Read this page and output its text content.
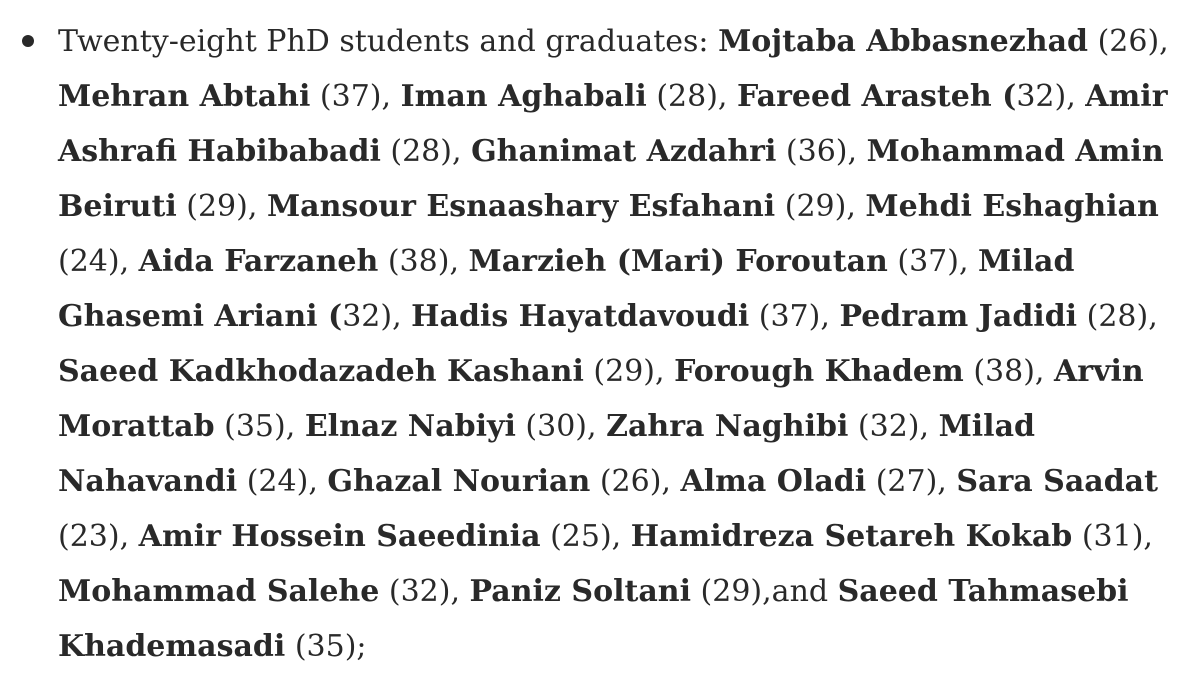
Twenty-eight PhD students and graduates: Mojtaba Abbasnezhad (26), Mehran Abtahi (37), Iman Aghabali (28), Fareed Arasteh (32), Amir Ashrafi Habibabadi (28), Ghanimat Azdahri (36), Mohammad Amin Beiruti (29), Mansour Esnaashary Esfahani (29), Mehdi Eshaghian (24), Aida Farzaneh (38), Marzieh (Mari) Foroutan (37), Milad Ghasemi Ariani (32), Hadis Hayatdavoudi (37), Pedram Jadidi (28), Saeed Kadkhodazadeh Kashani (29), Forough Khadem (38), Arvin Morattab (35), Elnaz Nabiyi (30), Zahra Naghibi (32), Milad Nahavandi (24), Ghazal Nourian (26), Alma Oladi (27), Sara Saadat (23), Amir Hossein Saeedinia (25), Hamidreza Setareh Kokab (31), Mohammad Salehe (32), Paniz Soltani (29),and Saeed Tahmasebi Khademasadi (35);
